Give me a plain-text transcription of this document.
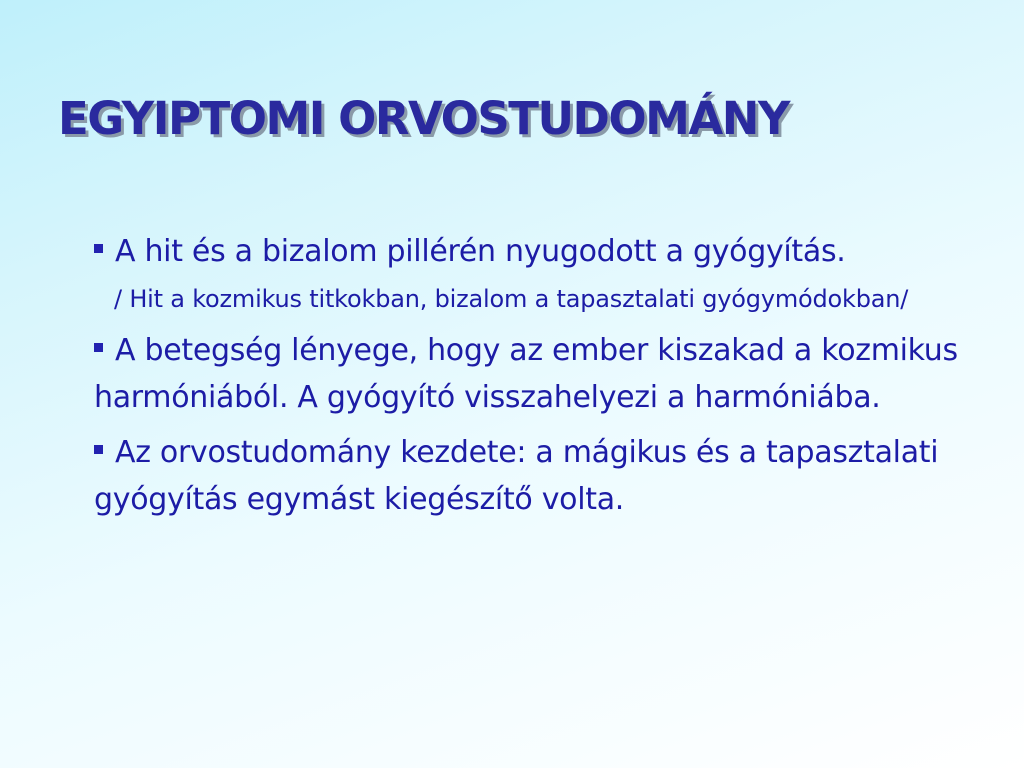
EGYIPTOMI ORVOSTUDOMÁNY
A hit és a bizalom pillérén nyugodott a gyógyítás.
/ Hit a kozmikus titkokban, bizalom a tapasztalati gyógymódokban/
A betegség lényege, hogy az ember kiszakad a kozmikus harmóniából. A gyógyító visszahelyezi a harmóniába.
Az orvostudomány kezdete: a mágikus és a tapasztalati gyógyítás egymást kiegészítő volta.
